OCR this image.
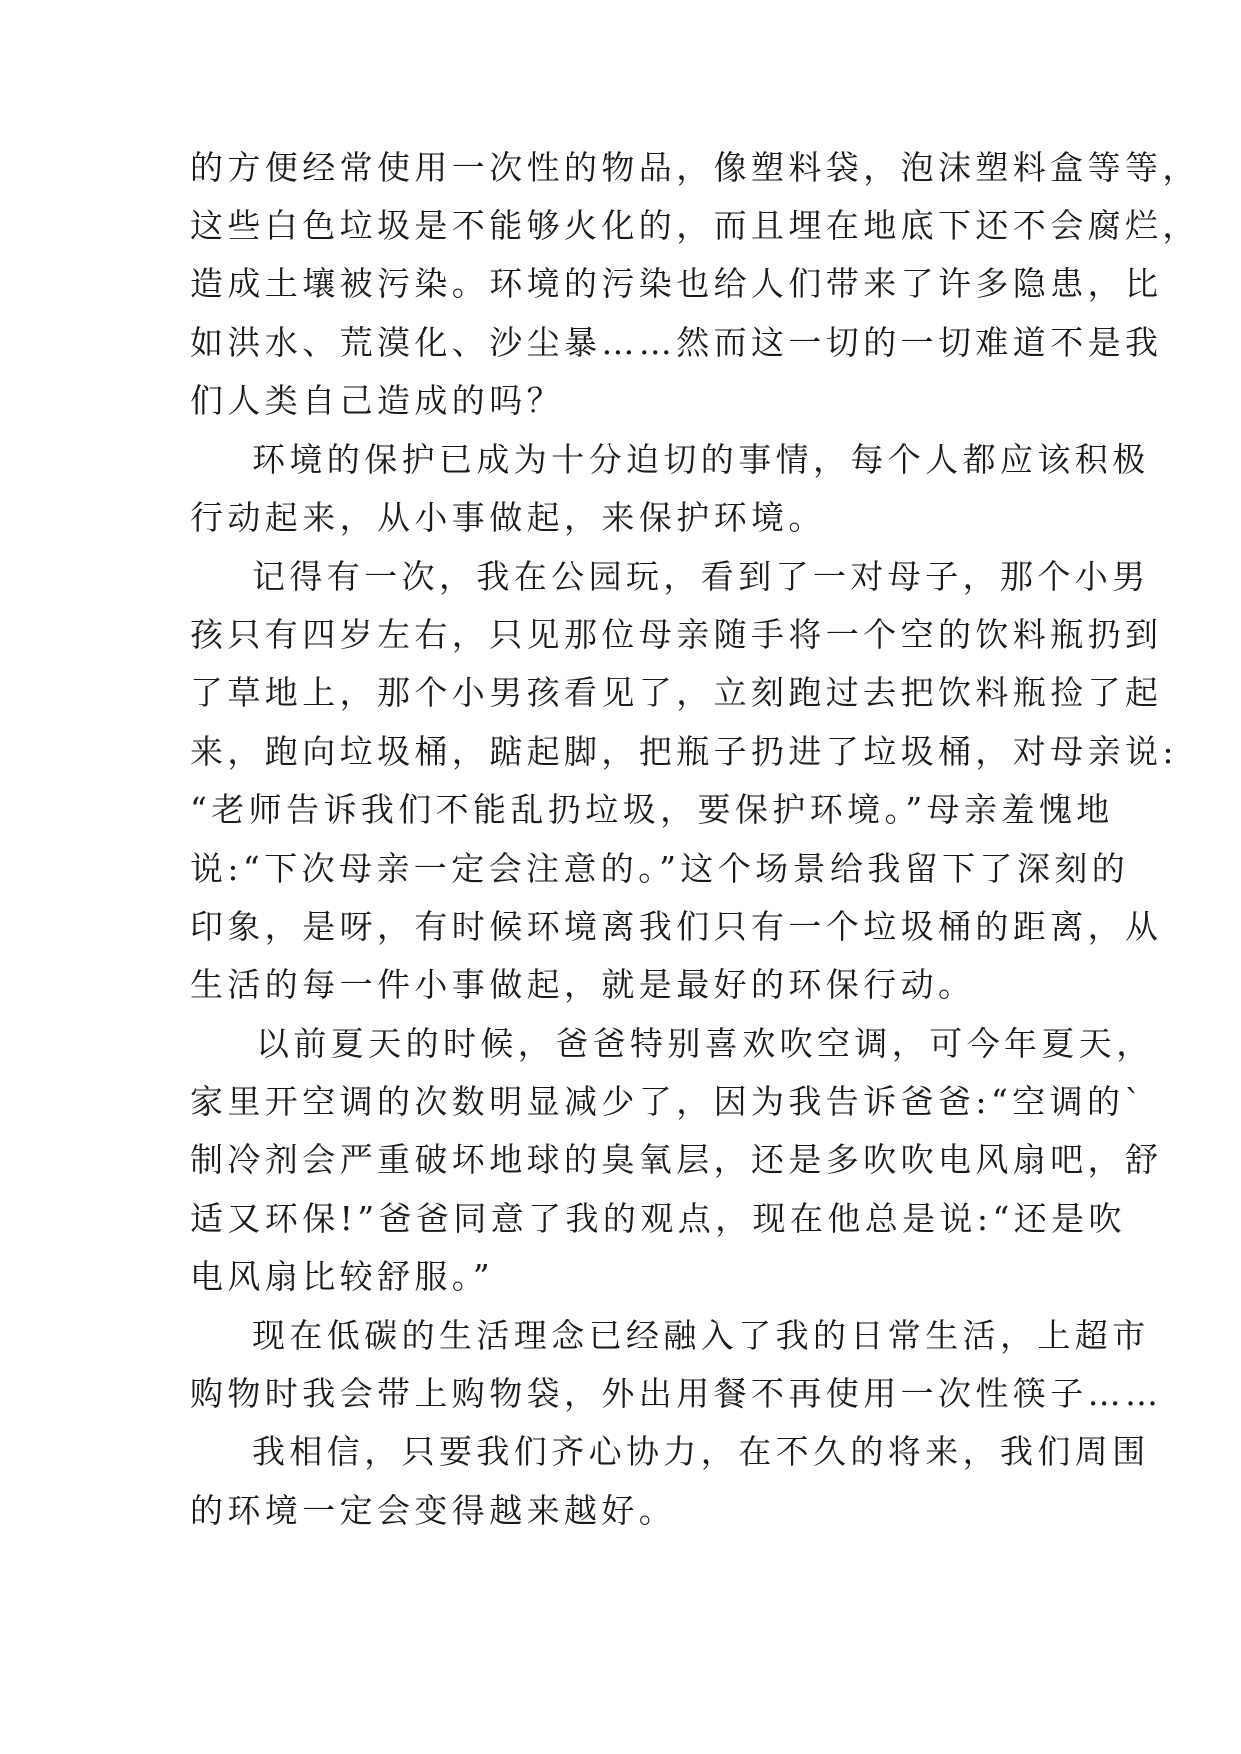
的方便经常使用一次性的物品，像塑料袋，泡沫塑料盒等等，
这些白色垃圾是不能够火化的，而且埋在地底下还不会腐烂，
造成土壤被污染。环境的污染也给人们带来了许多隐患，比
如洪水、荒漠化、沙尘暴……然而这一切的一切难道不是我
们人类自己造成的吗？
环境的保护已成为十分迫切的事情，每个人都应该积极
行动起来，从小事做起，来保护环境。
记得有一次，我在公园玩，看到了一对母子，那个小男
孩只有四岁左右，只见那位母亲随手将一个空的饮料瓶扔到
了草地上，那个小男孩看见了，立刻跑过去把饮料瓶捡了起
来，跑向垃圾桶，踮起脚，把瓶子扔进了垃圾桶，对母亲说:
“老师告诉我们不能乱扔垃圾，要保护环境。”母亲羞愧地
说:“下次母亲一定会注意的。”这个场景给我留下了深刻的
印象，是呀，有时候环境离我们只有一个垃圾桶的距离，从
生活的每一件小事做起，就是最好的环保行动。
以前夏天的时候，爸爸特别喜欢吹空调，可今年夏天，
家里开空调的次数明显减少了，因为我告诉爸爸:“空调的`
制冷剂会严重破坏地球的臭氧层，还是多吹吹电风扇吧，舒
适又环保!”爸爸同意了我的观点，现在他总是说:“还是吹
电风扇比较舒服。”
现在低碳的生活理念已经融入了我的日常生活，上超市
购物时我会带上购物袋，外出用餐不再使用一次性筷子……
我相信，只要我们齐心协力，在不久的将来，我们周围
的环境一定会变得越来越好。
